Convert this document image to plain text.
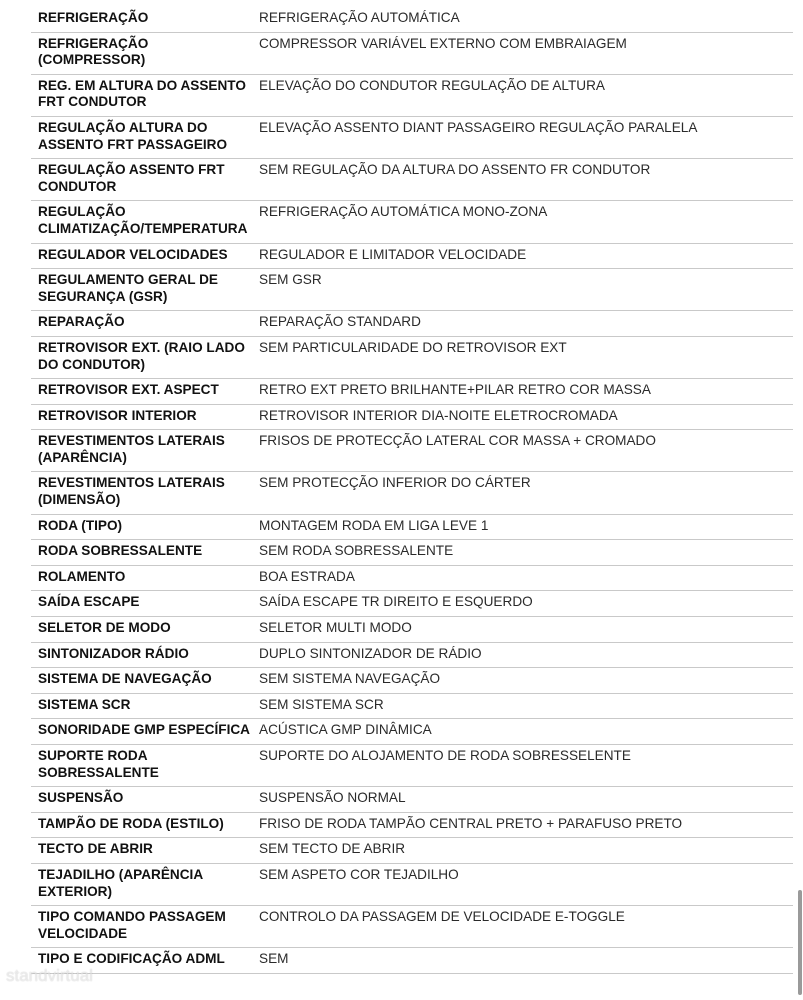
REFRIGERAÇÃO	REFRIGERAÇÃO AUTOMÁTICA
REFRIGERAÇÃO (COMPRESSOR)	COMPRESSOR VARIÁVEL EXTERNO COM EMBRAIAGEM
REG. EM ALTURA DO ASSENTO FRT CONDUTOR	ELEVAÇÃO DO CONDUTOR REGULAÇÃO DE ALTURA
REGULAÇÃO ALTURA DO ASSENTO FRT PASSAGEIRO	ELEVAÇÃO ASSENTO DIANT PASSAGEIRO REGULAÇÃO PARALELA
REGULAÇÃO ASSENTO FRT CONDUTOR	SEM REGULAÇÃO DA ALTURA DO ASSENTO FR CONDUTOR
REGULAÇÃO CLIMATIZAÇÃO/TEMPERATURA	REFRIGERAÇÃO AUTOMÁTICA MONO-ZONA
REGULADOR VELOCIDADES	REGULADOR E LIMITADOR VELOCIDADE
REGULAMENTO GERAL DE SEGURANÇA (GSR)	SEM GSR
REPARAÇÃO	REPARAÇÃO STANDARD
RETROVISOR EXT. (RAIO LADO DO CONDUTOR)	SEM PARTICULARIDADE DO RETROVISOR EXT
RETROVISOR EXT. ASPECT	RETRO EXT PRETO BRILHANTE+PILAR RETRO COR MASSA
RETROVISOR INTERIOR	RETROVISOR INTERIOR DIA-NOITE ELETROCROMADA
REVESTIMENTOS LATERAIS (APARÊNCIA)	FRISOS DE PROTECÇÃO LATERAL COR MASSA + CROMADO
REVESTIMENTOS LATERAIS (DIMENSÃO)	SEM PROTECÇÃO INFERIOR DO CÁRTER
RODA (TIPO)	MONTAGEM RODA EM LIGA LEVE 1
RODA SOBRESSALENTE	SEM RODA SOBRESSALENTE
ROLAMENTO	BOA ESTRADA
SAÍDA ESCAPE	SAÍDA ESCAPE TR DIREITO E ESQUERDO
SELETOR DE MODO	SELETOR MULTI MODO
SINTONIZADOR RÁDIO	DUPLO SINTONIZADOR DE RÁDIO
SISTEMA DE NAVEGAÇÃO	SEM SISTEMA NAVEGAÇÃO
SISTEMA SCR	SEM SISTEMA SCR
SONORIDADE GMP ESPECÍFICA	ACÚSTICA GMP DINÂMICA
SUPORTE RODA SOBRESSALENTE	SUPORTE DO ALOJAMENTO DE RODA SOBRESSELENTE
SUSPENSÃO	SUSPENSÃO NORMAL
TAMPÃO DE RODA (ESTILO)	FRISO DE RODA TAMPÃO CENTRAL PRETO + PARAFUSO PRETO
TECTO DE ABRIR	SEM TECTO DE ABRIR
TEJADILHO (APARÊNCIA EXTERIOR)	SEM ASPETO COR TEJADILHO
TIPO COMANDO PASSAGEM VELOCIDADE	CONTROLO DA PASSAGEM DE VELOCIDADE E-TOGGLE
TIPO E CODIFICAÇÃO ADML	SEM
standvirtual
